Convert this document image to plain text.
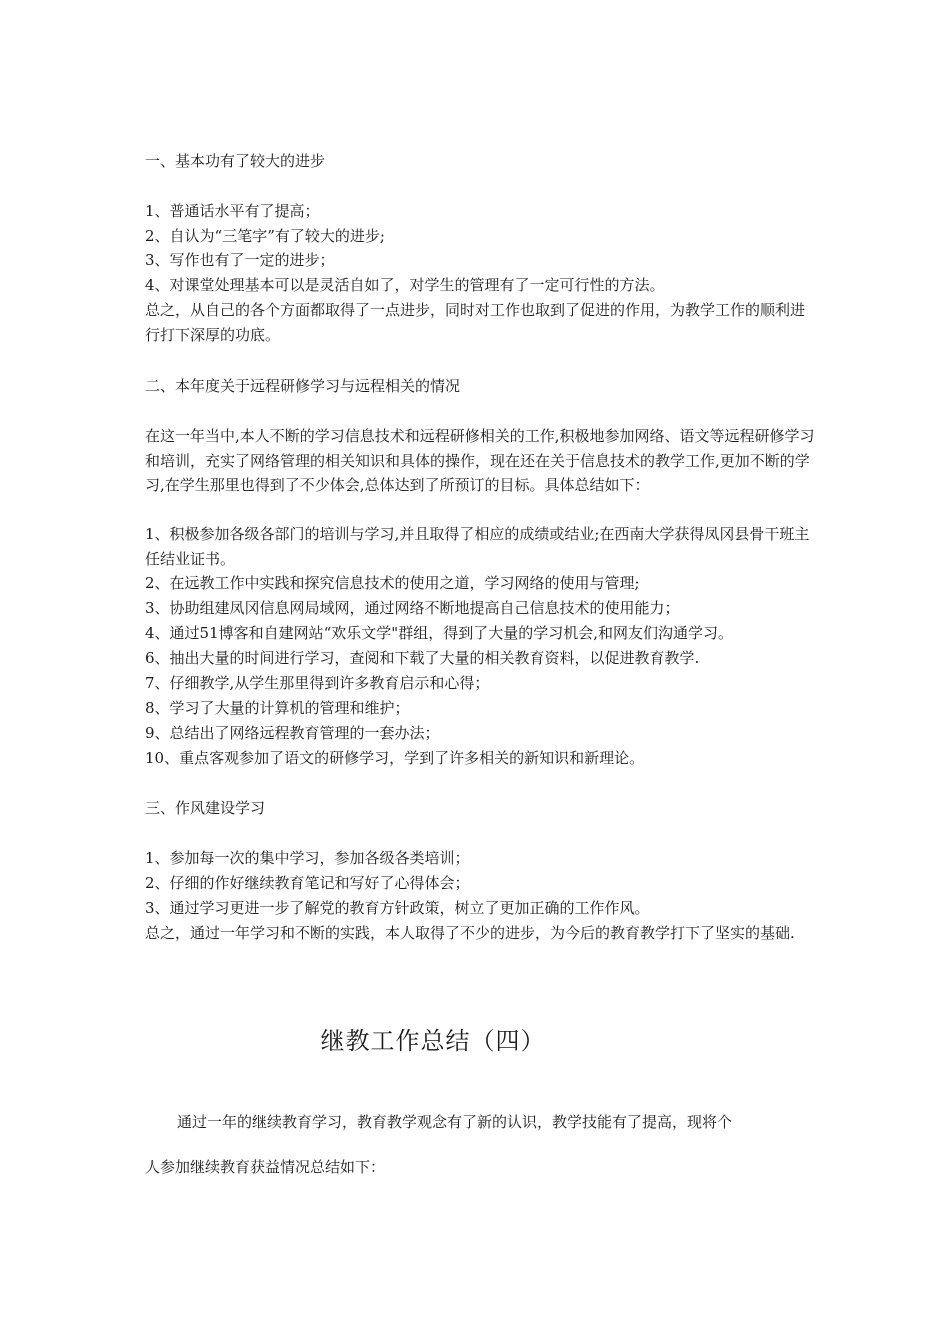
一、基本功有了较大的进步

1、普通话水平有了提高；

2、自认为“三笔字”有了较大的进步;

3、写作也有了一定的进步；

4、对课堂处理基本可以是灵活自如了，对学生的管理有了一定可行性的方法。

总之，从自己的各个方面都取得了一点进步，同时对工作也取到了促进的作用，为教学工作的顺利进行打下深厚的功底。

二、本年度关于远程研修学习与远程相关的情况

在这一年当中,本人不断的学习信息技术和远程研修相关的工作,积极地参加网络、语文等远程研修学习和培训，充实了网络管理的相关知识和具体的操作，现在还在关于信息技术的教学工作,更加不断的学习,在学生那里也得到了不少体会,总体达到了所预订的目标。具体总结如下：

1、积极参加各级各部门的培训与学习,并且取得了相应的成绩或结业;在西南大学获得凤冈县骨干班主任结业证书。

2、在远教工作中实践和探究信息技术的使用之道，学习网络的使用与管理;

3、协助组建凤冈信息网局域网，通过网络不断地提高自己信息技术的使用能力；

4、通过51博客和自建网站“欢乐文学"群组，得到了大量的学习机会,和网友们沟通学习。

6、抽出大量的时间进行学习，查阅和下载了大量的相关教育资料，以促进教育教学.

7、仔细教学,从学生那里得到许多教育启示和心得；

8、学习了大量的计算机的管理和维护；

9、总结出了网络远程教育管理的一套办法；

10、重点客观参加了语文的研修学习，学到了许多相关的新知识和新理论。

三、作风建设学习

1、参加每一次的集中学习，参加各级各类培训；

2、仔细的作好继续教育笔记和写好了心得体会；

3、通过学习更进一步了解党的教育方针政策，树立了更加正确的工作作风。

总之，通过一年学习和不断的实践，本人取得了不少的进步，为今后的教育教学打下了坚实的基础.

继教工作总结（四）

通过一年的继续教育学习，教育教学观念有了新的认识，教学技能有了提高，现将个

人参加继续教育获益情况总结如下：
